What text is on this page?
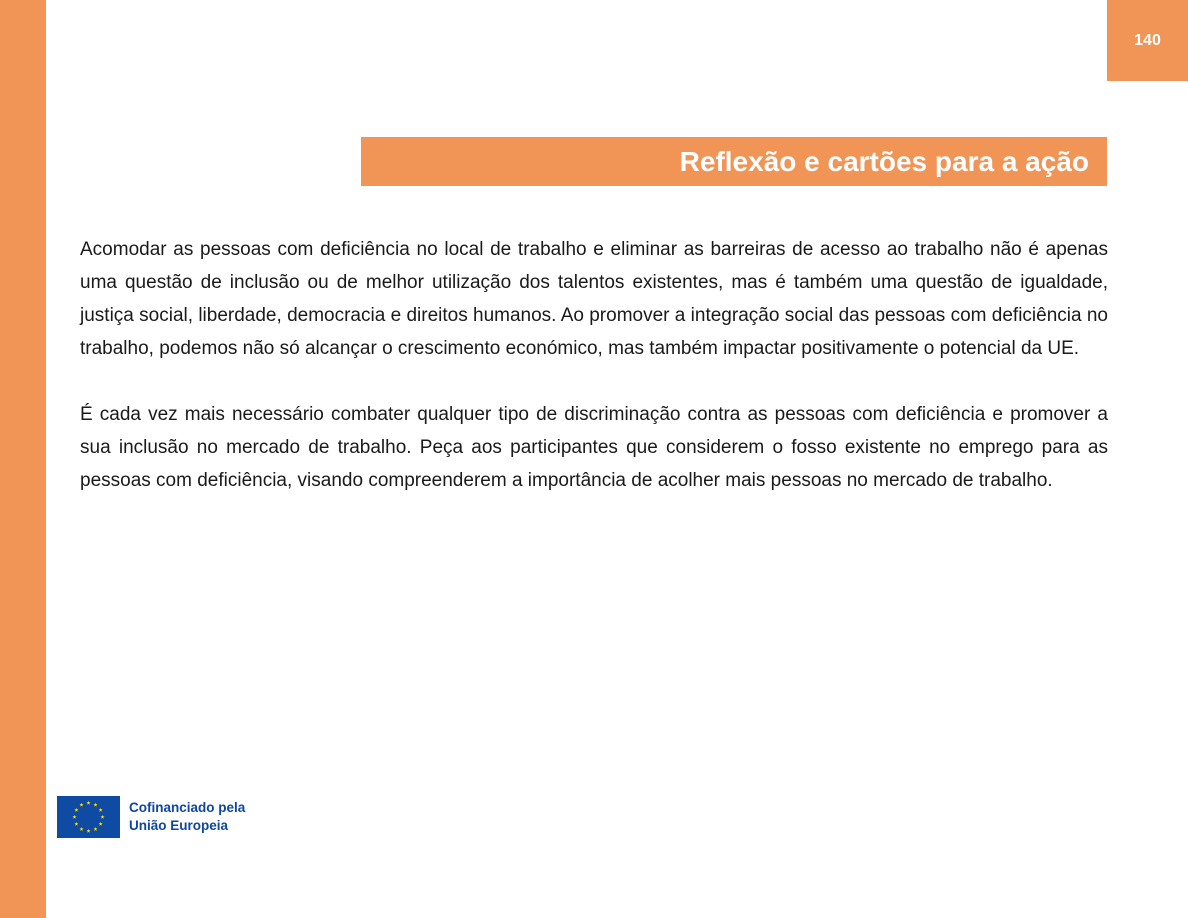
140
Reflexão e cartões para a ação

Acomodar as pessoas com deficiência no local de trabalho e eliminar as barreiras de acesso ao trabalho não é apenas uma questão de inclusão ou de melhor utilização dos talentos existentes, mas é também uma questão de igualdade, justiça social, liberdade, democracia e direitos humanos. Ao promover a integração social das pessoas com deficiência no trabalho, podemos não só alcançar o crescimento económico, mas também impactar positivamente o potencial da UE.

É cada vez mais necessário combater qualquer tipo de discriminação contra as pessoas com deficiência e promover a sua inclusão no mercado de trabalho. Peça aos participantes que considerem o fosso existente no emprego para as pessoas com deficiência, visando compreenderem a importância de acolher mais pessoas no mercado de trabalho.

Cofinanciado pela
União Europeia
